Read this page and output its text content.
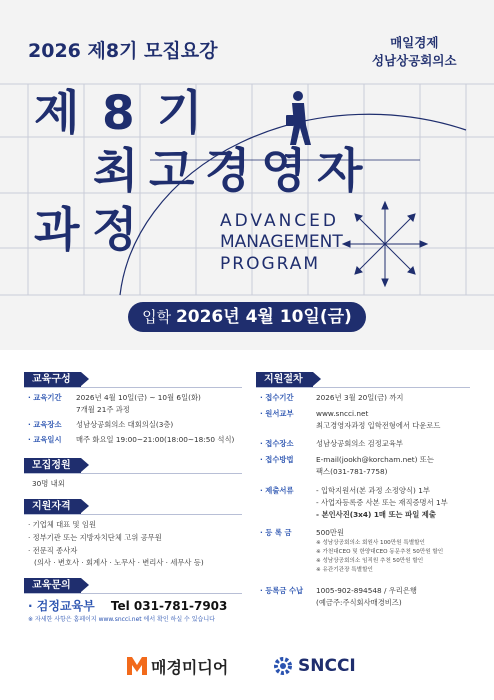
2026 제8기 모집요강	매일경제
성남상공회의소
제 8 기
최 고 경 영 자
과 정	ADVANCED
MANAGEMENT
PROGRAM
입학 2026년 4월 10일(금)
교육구성
· 교육기간 2026년 4월 10일(금) ~ 10월 6일(화)
7개월 21주 과정
· 교육장소 성남상공회의소 대회의실(3층)
· 교육일시 매주 화요일 19:00~21:00(18:00~18:50 석식)
모집정원
30명 내외
지원자격
· 기업체 대표 및 임원
· 정부기관 또는 지방자치단체 고위 공무원
· 전문직 종사자
(의사 · 변호사 · 회계사 · 노무사 · 변리사 · 세무사 등)
교육문의
· 검정교육부 Tel 031-781-7903
※ 자세한 사항은 홈페이지 www.sncci.net 에서 확인 하실 수 있습니다
지원절차
· 접수기간	2026년 3월 20일(금) 까지
· 원서교부	www.sncci.net
최고경영자과정 입학전형에서 다운로드
· 접수장소	성남상공회의소 검정교육부
· 접수방법	E-mail(jookh@korcham.net) 또는
팩스(031-781-7758)
· 제출서류	- 입학지원서(본 과정 소정양식) 1부
- 사업자등록증 사본 또는 재직증명서 1부
- 본인사진(3x4) 1매 또는 파일 제출
· 등 록 금	500만원
※ 성남상공회의소 회원사 100만원 특별할인
※ 가천대CEO 및 한양대CEO 동문추천 50만원 할인
※ 성남상공회의소 임직원 추천 50만원 할인
※ 유관기관장 특별할인
· 등록금 수납 1005-902-894548 / 우리은행
(예금주:주식회사매경비즈)
매경미디어	SNCCI
